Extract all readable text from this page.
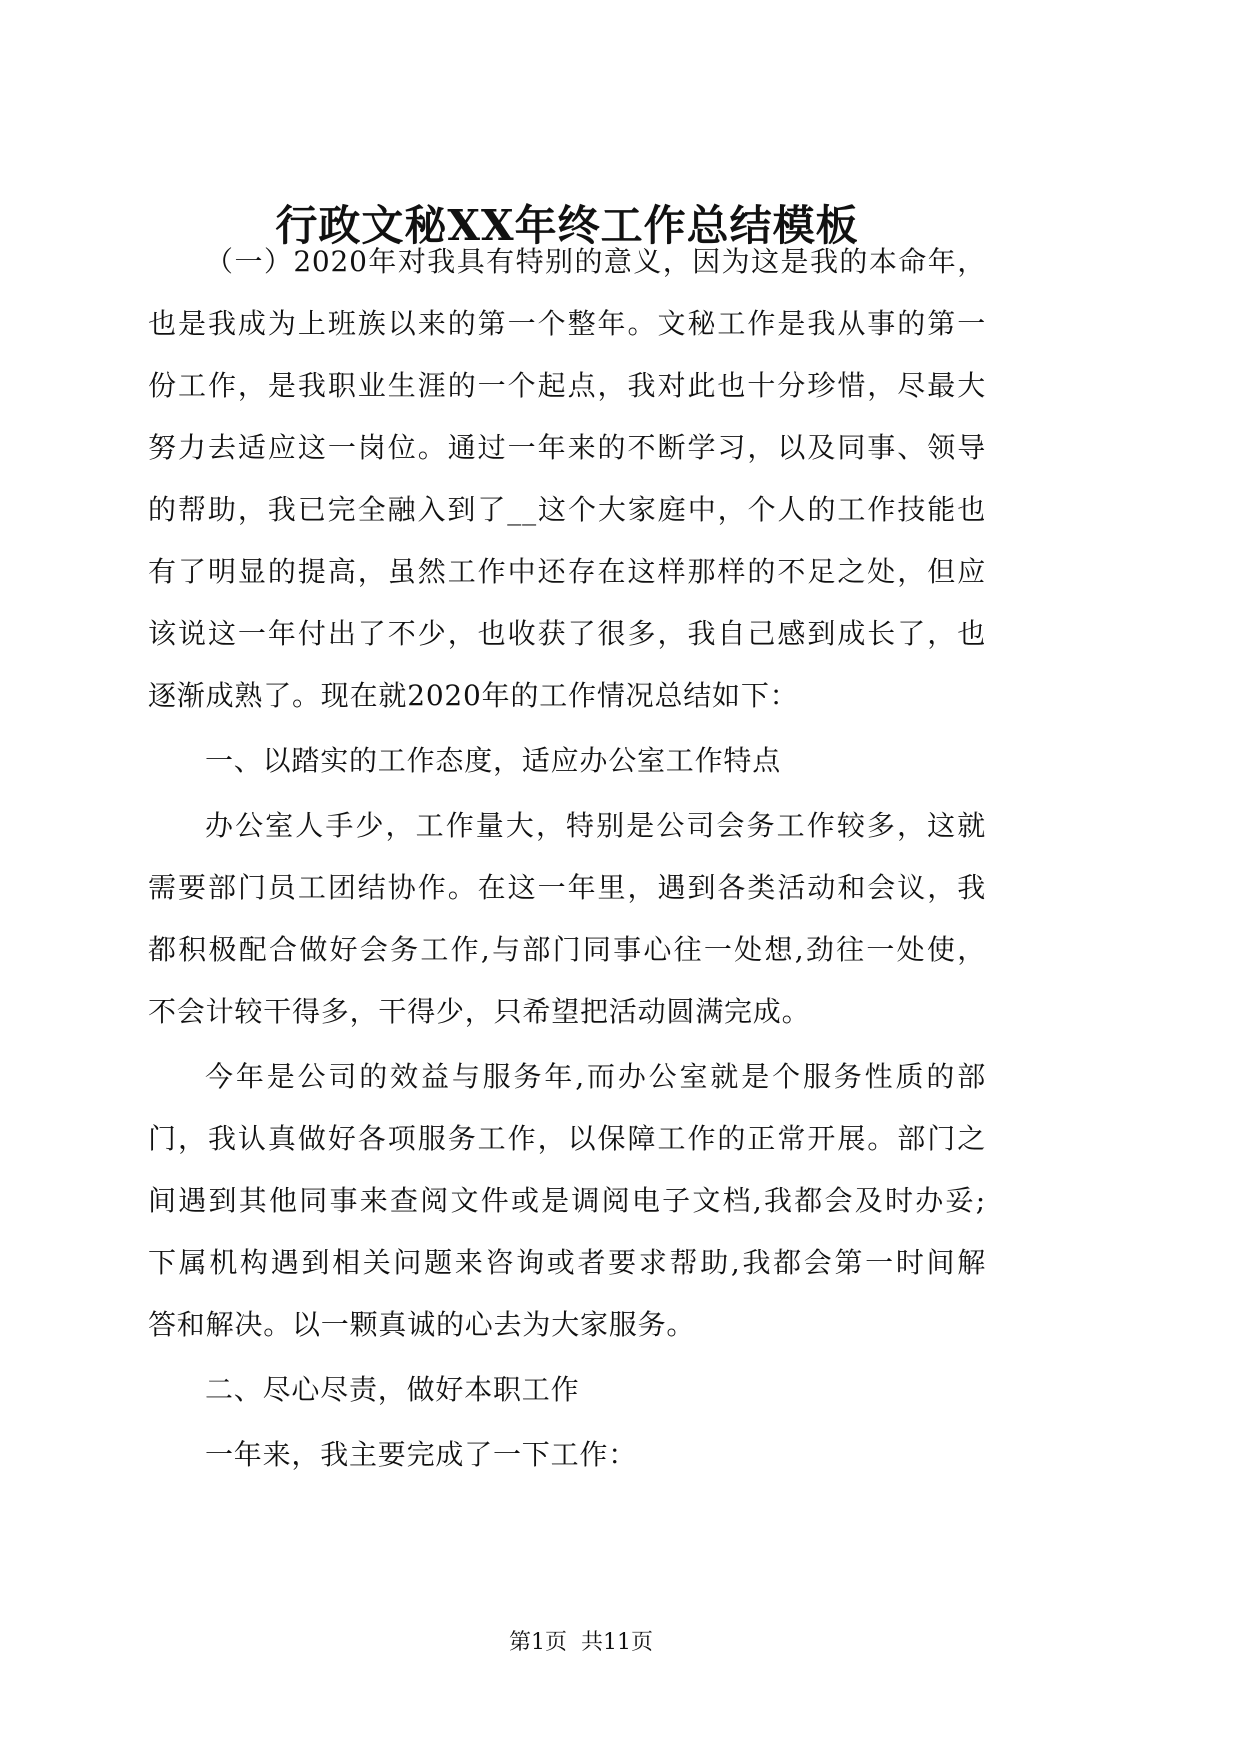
行政文秘XX年终工作总结模板
（一）2020年对我具有特别的意义，因为这是我的本命年，
也是我成为上班族以来的第一个整年。文秘工作是我从事的第一
份工作，是我职业生涯的一个起点，我对此也十分珍惜，尽最大
努力去适应这一岗位。通过一年来的不断学习，以及同事、领导
的帮助，我已完全融入到了__这个大家庭中，个人的工作技能也
有了明显的提高，虽然工作中还存在这样那样的不足之处，但应
该说这一年付出了不少，也收获了很多，我自己感到成长了，也
逐渐成熟了。现在就2020年的工作情况总结如下：
一、以踏实的工作态度，适应办公室工作特点
办公室人手少，工作量大，特别是公司会务工作较多，这就
需要部门员工团结协作。在这一年里，遇到各类活动和会议，我
都积极配合做好会务工作,与部门同事心往一处想,劲往一处使，
不会计较干得多，干得少，只希望把活动圆满完成。
今年是公司的效益与服务年,而办公室就是个服务性质的部
门，我认真做好各项服务工作，以保障工作的正常开展。部门之
间遇到其他同事来查阅文件或是调阅电子文档,我都会及时办妥;
下属机构遇到相关问题来咨询或者要求帮助,我都会第一时间解
答和解决。以一颗真诚的心去为大家服务。
二、尽心尽责，做好本职工作
一年来，我主要完成了一下工作：
第1页 共11页
